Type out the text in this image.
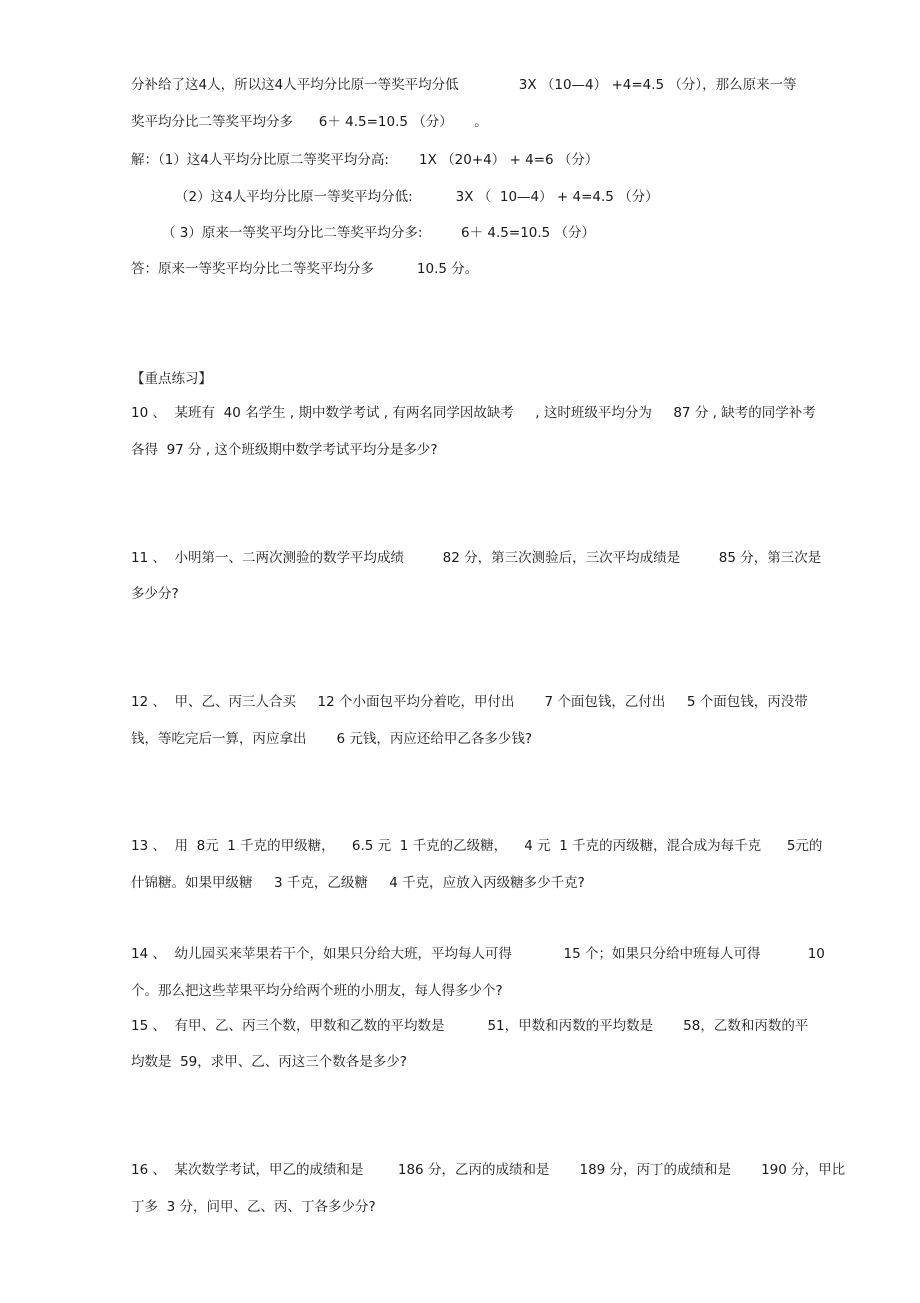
分补给了这4人，所以这4人平均分比原一等奖平均分低              3X （10—4） +4=4.5 （分），那么原来一等
奖平均分比二等奖平均分多      6＋ 4.5=10.5 （分）     。
解：（1）这4人平均分比原二等奖平均分高:       1X （20+4） + 4=6 （分）
（2）这4人平均分比原一等奖平均分低:          3X （  10—4） + 4=4.5 （分）
（ 3）原来一等奖平均分比二等奖平均分多:         6＋ 4.5=10.5 （分）
答：原来一等奖平均分比二等奖平均分多          10.5 分。
【重点练习】
10 、  某班有  40 名学生 , 期中数学考试 , 有两名同学因故缺考     , 这时班级平均分为     87 分 , 缺考的同学补考
各得  97 分 , 这个班级期中数学考试平均分是多少?
11 、  小明第一、二两次测验的数学平均成绩         82 分，第三次测验后，三次平均成绩是         85 分，第三次是
多少分?
12 、  甲、乙、丙三人合买     12 个小面包平均分着吃，甲付出       7 个面包钱，乙付出     5 个面包钱，丙没带
钱，等吃完后一算，丙应拿出       6 元钱，丙应还给甲乙各多少钱?
13 、  用  8元  1 千克的甲级糖，    6.5 元  1 千克的乙级糖，    4 元  1 千克的丙级糖，混合成为每千克      5元的
什锦糖。如果甲级糖     3 千克，乙级糖     4 千克，应放入丙级糖多少千克?
14 、  幼儿园买来苹果若干个，如果只分给大班，平均每人可得            15 个；如果只分给中班每人可得           10
个。那么把这些苹果平均分给两个班的小朋友，每人得多少个?
15 、  有甲、乙、丙三个数，甲数和乙数的平均数是          51，甲数和丙数的平均数是       58，乙数和丙数的平
均数是  59，求甲、乙、丙这三个数各是多少?
16 、  某次数学考试，甲乙的成绩和是        186 分，乙丙的成绩和是       189 分，丙丁的成绩和是       190 分，甲比
丁多  3 分，问甲、乙、丙、丁各多少分?
